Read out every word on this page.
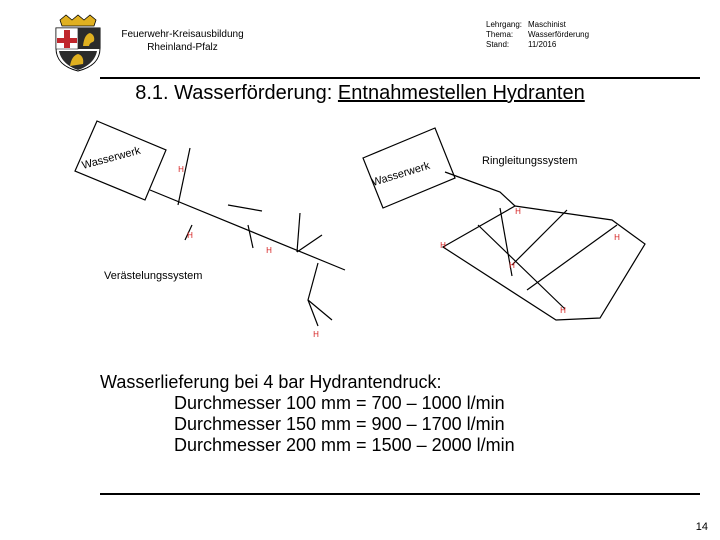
Feuerwehr-Kreisausbildung
Rheinland-Pfalz
Lehrgang: Maschinist
Thema:	Wasserförderung
Stand:	11/2016
8.1. Wasserförderung: Entnahmestellen Hydranten
H
H
H
H
H
H
H
H
H
Wasserwerk
Wasserwerk	Ringleitungssystem
Verästelungssystem
Wasserlieferung bei 4 bar Hydrantendruck:
Durchmesser 100 mm = 700 – 1000 l/min
Durchmesser 150 mm = 900 – 1700 l/min
Durchmesser 200 mm = 1500 – 2000 l/min
14
